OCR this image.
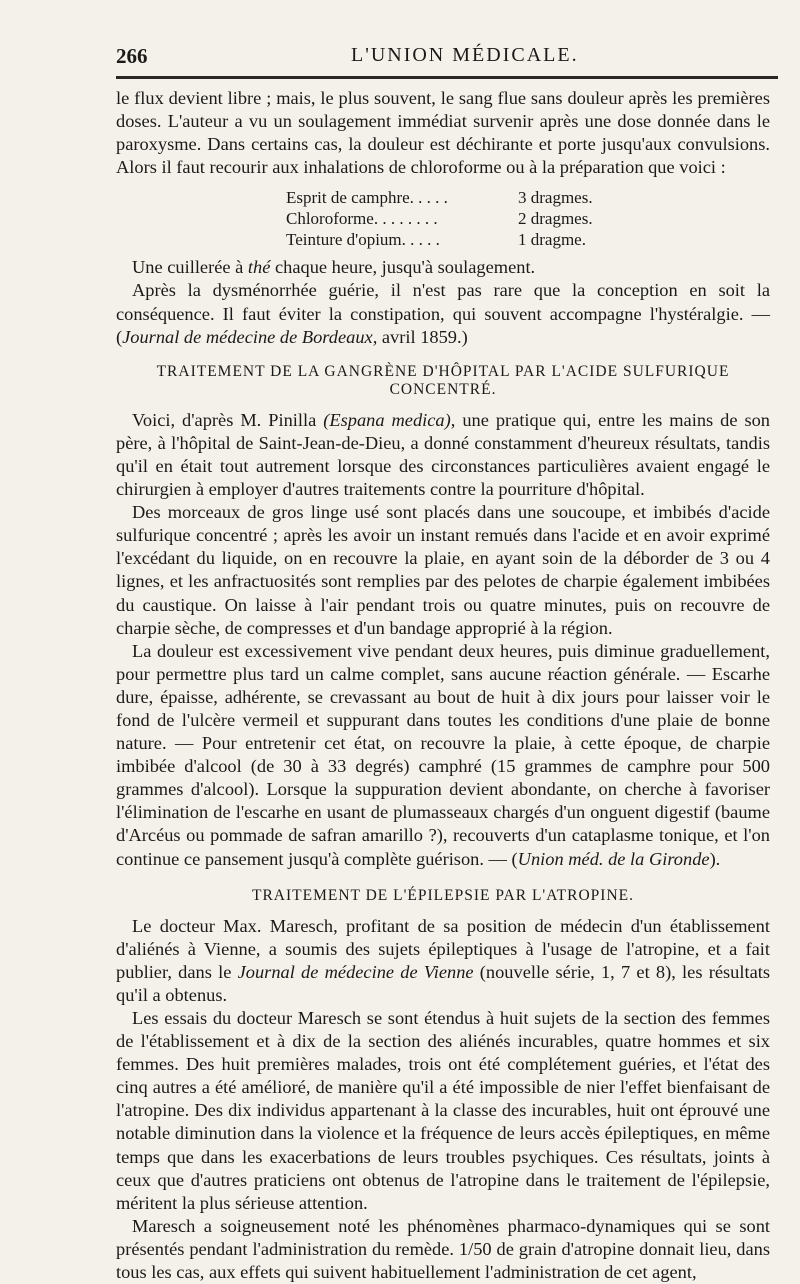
266	L'UNION MÉDICALE.

le flux devient libre ; mais, le plus souvent, le sang flue sans douleur après les premières doses. L'auteur a vu un soulagement immédiat survenir après une dose donnée dans le paroxysme. Dans certains cas, la douleur est déchirante et porte jusqu'aux convulsions. Alors il faut recourir aux inhalations de chloroforme ou à la préparation que voici :

Esprit de camphre. . . . .	3 dragmes.
Chloroforme. . . . . . . .	2 dragmes.
Teinture d'opium. . . . .	1 dragme.

Une cuillerée à thé chaque heure, jusqu'à soulagement.

Après la dysménorrhée guérie, il n'est pas rare que la conception en soit la conséquence. Il faut éviter la constipation, qui souvent accompagne l'hystéralgie. — (Journal de médecine de Bordeaux, avril 1859.)

TRAITEMENT DE LA GANGRÈNE D'HÔPITAL PAR L'ACIDE SULFURIQUE CONCENTRÉ.

Voici, d'après M. Pinilla (Espana medica), une pratique qui, entre les mains de son père, à l'hôpital de Saint-Jean-de-Dieu, a donné constamment d'heureux résultats, tandis qu'il en était tout autrement lorsque des circonstances particulières avaient engagé le chirurgien à employer d'autres traitements contre la pourriture d'hôpital.

Des morceaux de gros linge usé sont placés dans une soucoupe, et imbibés d'acide sulfurique concentré ; après les avoir un instant remués dans l'acide et en avoir exprimé l'excédant du liquide, on en recouvre la plaie, en ayant soin de la déborder de 3 ou 4 lignes, et les anfractuosités sont remplies par des pelotes de charpie également imbibées du caustique. On laisse à l'air pendant trois ou quatre minutes, puis on recouvre de charpie sèche, de compresses et d'un bandage approprié à la région.

La douleur est excessivement vive pendant deux heures, puis diminue graduellement, pour permettre plus tard un calme complet, sans aucune réaction générale. — Escarhe dure, épaisse, adhérente, se crevassant au bout de huit à dix jours pour laisser voir le fond de l'ulcère vermeil et suppurant dans toutes les conditions d'une plaie de bonne nature. — Pour entretenir cet état, on recouvre la plaie, à cette époque, de charpie imbibée d'alcool (de 30 à 33 degrés) camphré (15 grammes de camphre pour 500 grammes d'alcool). Lorsque la suppuration devient abondante, on cherche à favoriser l'élimination de l'escarhe en usant de plumasseaux chargés d'un onguent digestif (baume d'Arcéus ou pommade de safran amarillo ?), recouverts d'un cataplasme tonique, et l'on continue ce pansement jusqu'à complète guérison. — (Union méd. de la Gironde).

TRAITEMENT DE L'ÉPILEPSIE PAR L'ATROPINE.

Le docteur Max. Maresch, profitant de sa position de médecin d'un établissement d'aliénés à Vienne, a soumis des sujets épileptiques à l'usage de l'atropine, et a fait publier, dans le Journal de médecine de Vienne (nouvelle série, 1, 7 et 8), les résultats qu'il a obtenus.

Les essais du docteur Maresch se sont étendus à huit sujets de la section des femmes de l'établissement et à dix de la section des aliénés incurables, quatre hommes et six femmes. Des huit premières malades, trois ont été complétement guéries, et l'état des cinq autres a été amélioré, de manière qu'il a été impossible de nier l'effet bienfaisant de l'atropine. Des dix individus appartenant à la classe des incurables, huit ont éprouvé une notable diminution dans la violence et la fréquence de leurs accès épileptiques, en même temps que dans les exacerbations de leurs troubles psychiques. Ces résultats, joints à ceux que d'autres praticiens ont obtenus de l'atropine dans le traitement de l'épilepsie, méritent la plus sérieuse attention.

Maresch a soigneusement noté les phénomènes pharmaco-dynamiques qui se sont présentés pendant l'administration du remède. 1/50 de grain d'atropine donnait lieu, dans tous les cas, aux effets qui suivent habituellement l'administration de cet agent,
